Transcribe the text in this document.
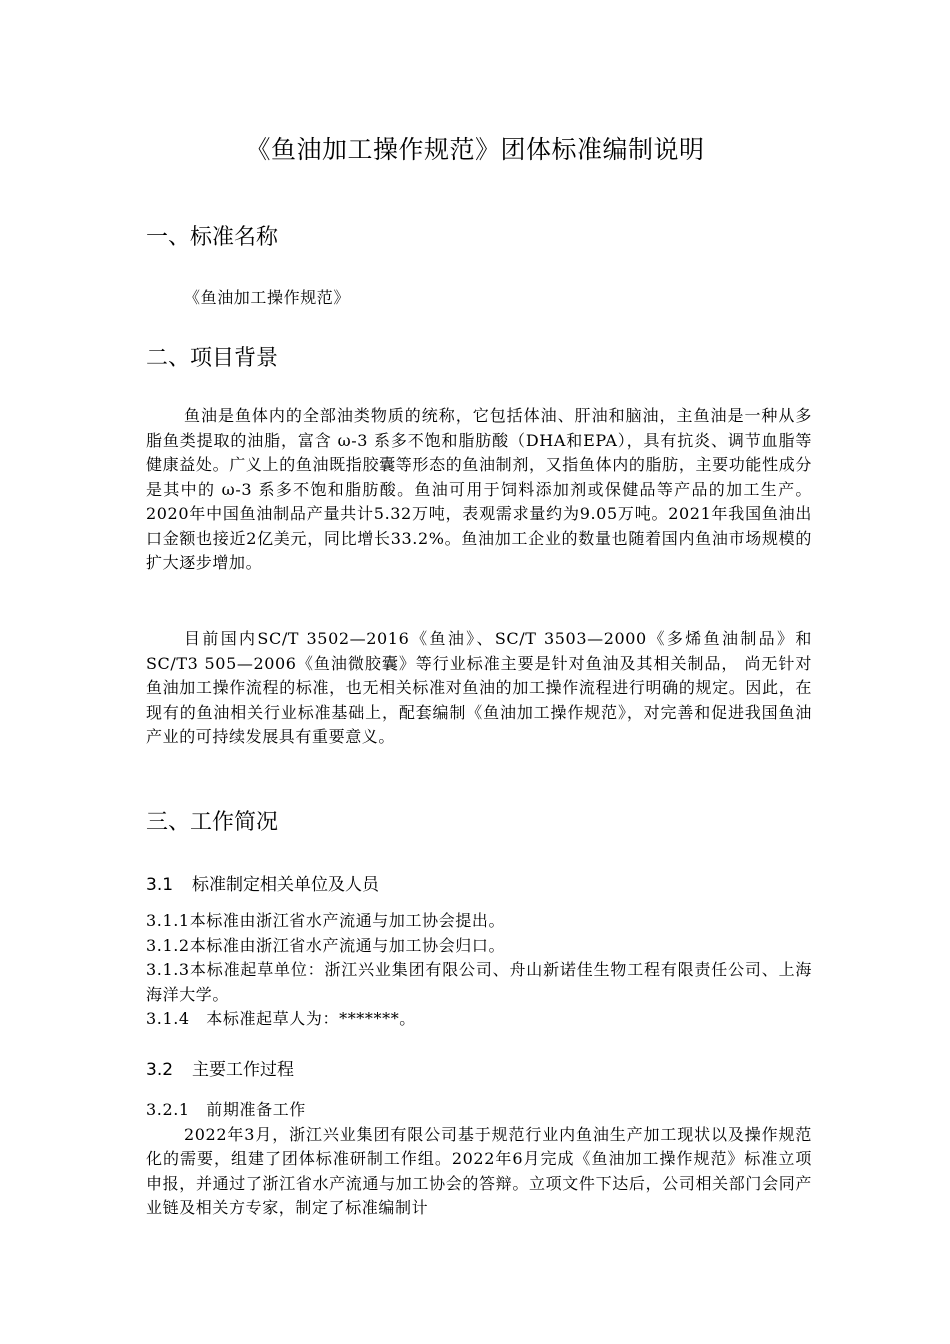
《鱼油加工操作规范》团体标准编制说明
一、标准名称

《鱼油加工操作规范》

二、项目背景

鱼油是鱼体内的全部油类物质的统称，它包括体油、肝油和脑油，主鱼油是一种从多脂鱼类提取的油脂，富含 ω-3 系多不饱和脂肪酸（DHA和EPA），具有抗炎、调节血脂等健康益处。广义上的鱼油既指胶囊等形态的鱼油制剂，又指鱼体内的脂肪，主要功能性成分是其中的 ω-3 系多不饱和脂肪酸。鱼油可用于饲料添加剂或保健品等产品的加工生产。2020年中国鱼油制品产量共计5.32万吨，表观需求量约为9.05万吨。2021年我国鱼油出口金额也接近2亿美元，同比增长33.2%。鱼油加工企业的数量也随着国内鱼油市场规模的扩大逐步增加。

目前国内SC/T 3502—2016《鱼油》、SC/T 3503—2000《多烯鱼油制品》和SC/T3 505—2006《鱼油微胶囊》等行业标准主要是针对鱼油及其相关制品， 尚无针对鱼油加工操作流程的标准，也无相关标准对鱼油的加工操作流程进行明确的规定。因此，在现有的鱼油相关行业标准基础上，配套编制《鱼油加工操作规范》，对完善和促进我国鱼油产业的可持续发展具有重要意义。

三、工作简况
3.1 标准制定相关单位及人员

3.1.1本标准由浙江省水产流通与加工协会提出。

3.1.2本标准由浙江省水产流通与加工协会归口。

3.1.3本标准起草单位：浙江兴业集团有限公司、舟山新诺佳生物工程有限责任公司、上海海洋大学。

3.1.4　本标准起草人为：*******。

3.2 主要工作过程

3.2.1　前期准备工作

2022年3月，浙江兴业集团有限公司基于规范行业内鱼油生产加工现状以及操作规范化的需要，组建了团体标准研制工作组。2022年6月完成《鱼油加工操作规范》标准立项申报，并通过了浙江省水产流通与加工协会的答辩。立项文件下达后，公司相关部门会同产业链及相关方专家，制定了标准编制计
